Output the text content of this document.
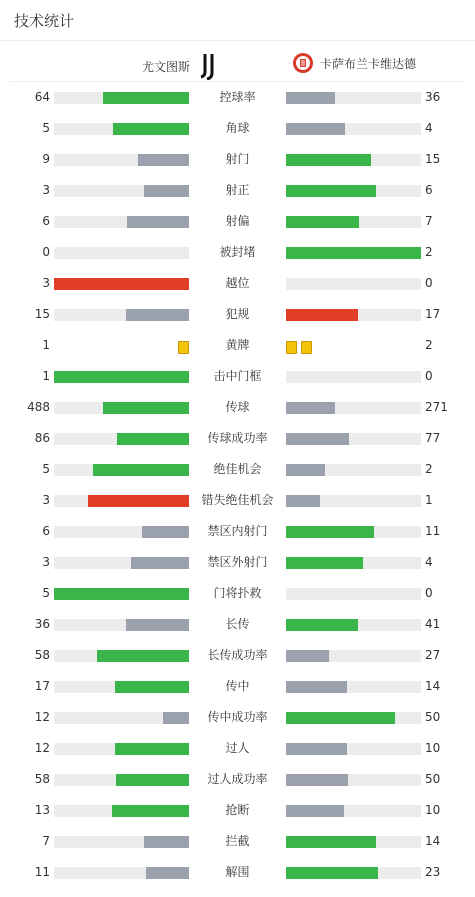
技术统计
尤文图斯	卡萨布兰卡维达德
64	控球率	36
5	角球	4
9	射门	15
3	射正	6
6	射偏	7
0	被封堵	2
3	越位	0
15	犯规	17
1	黄牌	2
1	击中门框	0
488	传球	271
86	传球成功率	77
5	绝佳机会	2
3	错失绝佳机会	1
6	禁区内射门	11
3	禁区外射门	4
5	门将扑救	0
36	长传	41
58	长传成功率	27
17	传中	14
12	传中成功率	50
12	过人	10
58	过人成功率	50
13	抢断	10
7	拦截	14
11	解围	23
